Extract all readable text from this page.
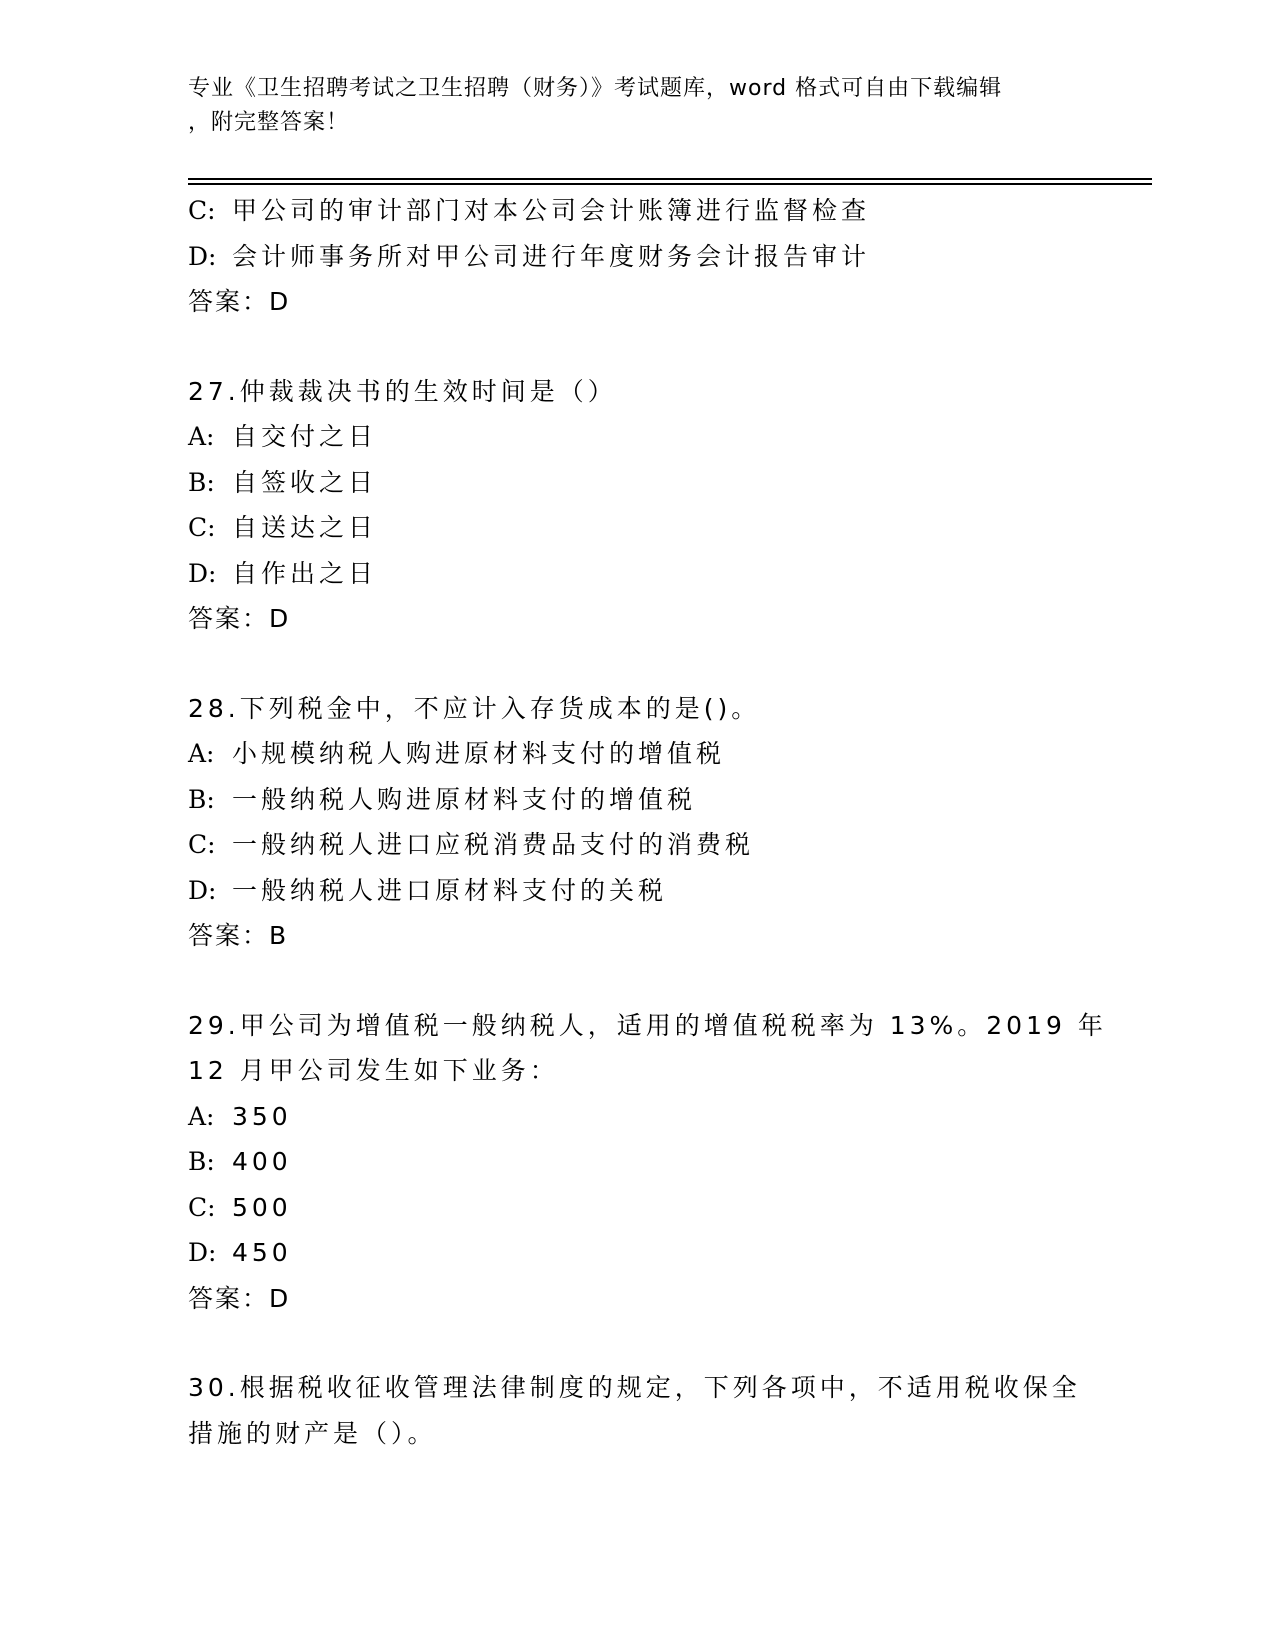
专业《卫生招聘考试之卫生招聘（财务）》考试题库，word 格式可自由下载编辑
，附完整答案！
C: 甲公司的审计部门对本公司会计账簿进行监督检查
D: 会计师事务所对甲公司进行年度财务会计报告审计
答案：D
27.仲裁裁决书的生效时间是（）
A: 自交付之日
B: 自签收之日
C: 自送达之日
D: 自作出之日
答案：D
28.下列税金中，不应计入存货成本的是()。
A: 小规模纳税人购进原材料支付的增值税
B: 一般纳税人购进原材料支付的增值税
C: 一般纳税人进口应税消费品支付的消费税
D: 一般纳税人进口原材料支付的关税
答案：B
29.甲公司为增值税一般纳税人，适用的增值税税率为 13%。2019 年
12 月甲公司发生如下业务：
A: 350
B: 400
C: 500
D: 450
答案：D
30.根据税收征收管理法律制度的规定，下列各项中，不适用税收保全
措施的财产是（）。
